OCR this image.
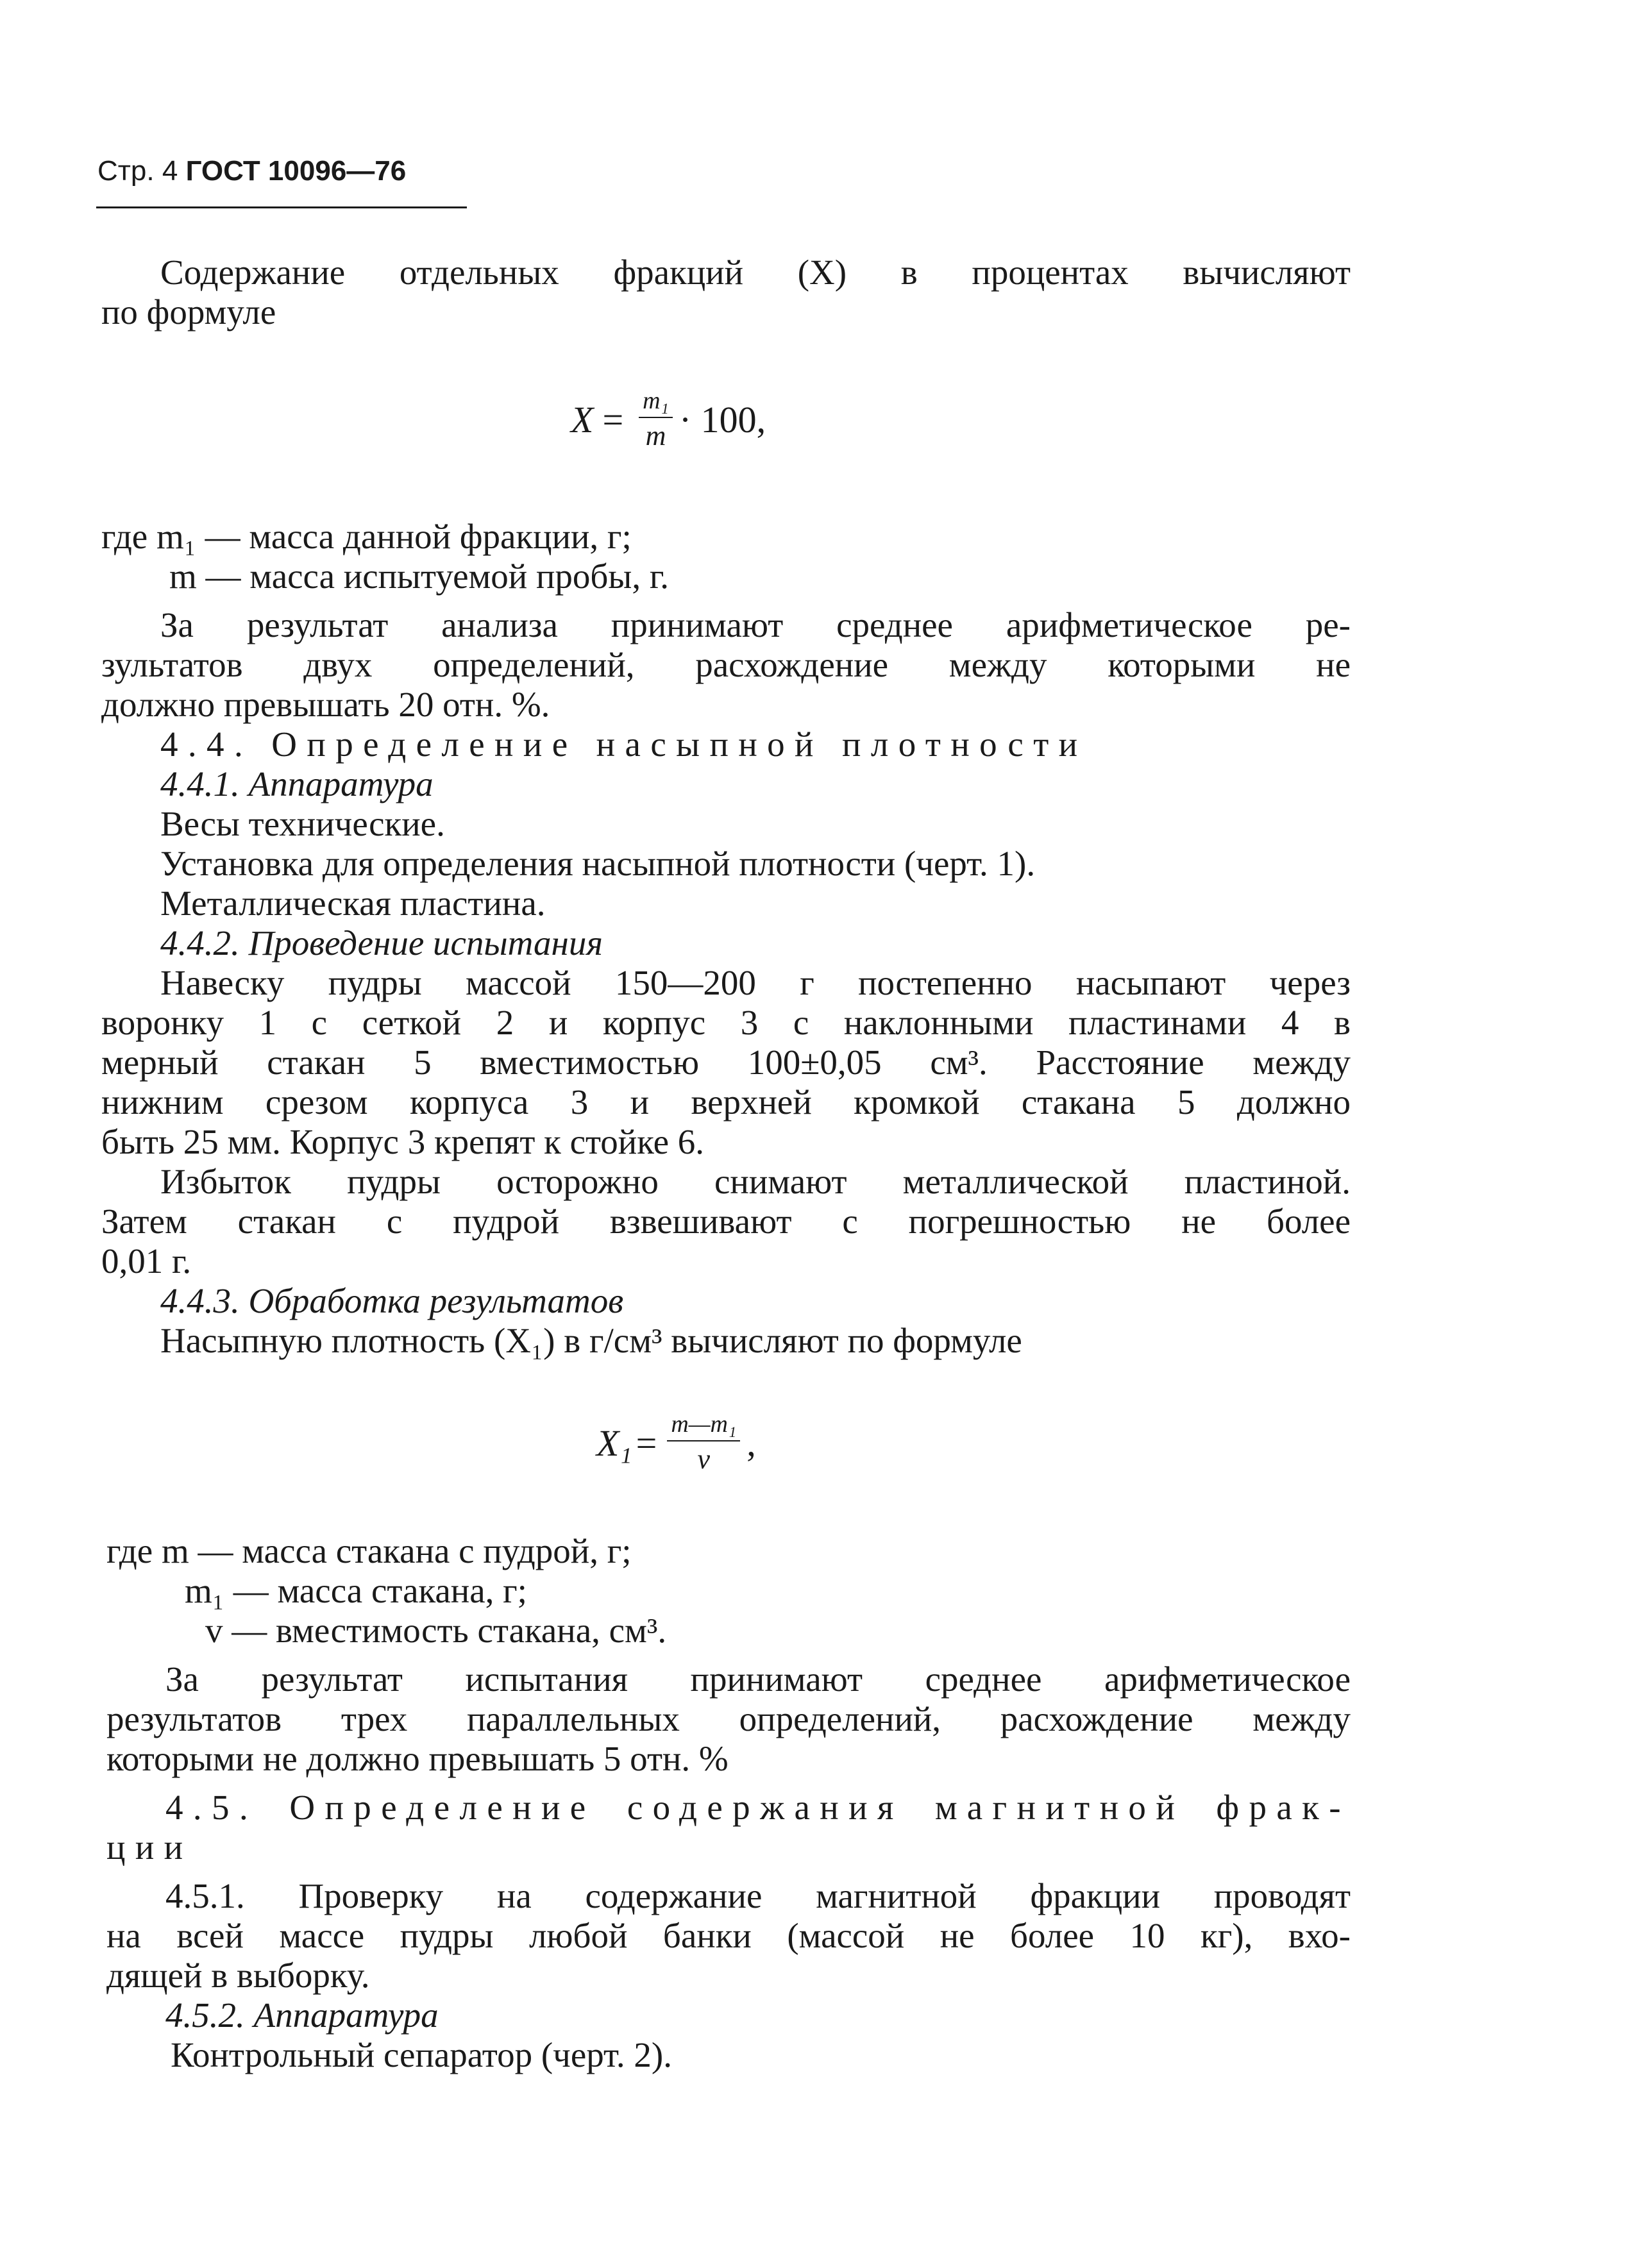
Стр. 4 ГОСТ 10096—76
Содержание отдельных фракций (X) в процентах вычисляют
по формуле
$X = \frac{\text{m₁}}{m} \cdot 100$,
где m₁ — масса данной фракции, г;
m — масса испытуемой пробы, г.
За результат анализа принимают среднее арифметическое ре-
зультатов двух определений, расхождение между которыми не
должно превышать 20 отн. %.
4.4. Определение насыпной плотности
4.4.1. Аппаратура
Весы технические.
Установка для определения насыпной плотности (черт. 1).
Металлическая пластина.
4.4.2. Проведение испытания
Навеску пудры массой 150—200 г постепенно насыпают через
воронку 1 с сеткой 2 и корпус 3 с наклонными пластинами 4 в
мерный стакан 5 вместимостью 100±0,05 см³. Расстояние между
нижним срезом корпуса 3 и верхней кромкой стакана 5 должно
быть 25 мм. Корпус 3 крепят к стойке 6.
Избыток пудры осторожно снимают металлической пластиной.
Затем стакан с пудрой взвешивают с погрешностью не более
0,01 г.
4.4.3. Обработка результатов
Насыпную плотность (X₁) в г/см³ вычисляют по формуле
$X_1 = \frac{\text{m—m₁}}{v}$ ,
где m — масса стакана с пудрой, г;
m₁ — масса стакана, г;
v — вместимость стакана, см³.
За результат испытания принимают среднее арифметическое
результатов трех параллельных определений, расхождение между
которыми не должно превышать 5 отн. %
4.5. Определение содержания магнитной фрак-
ции
4.5.1. Проверку на содержание магнитной фракции проводят
на всей массе пудры любой банки (массой не более 10 кг), вхо-
дящей в выборку.
4.5.2. Аппаратура
Контрольный сепаратор (черт. 2).
